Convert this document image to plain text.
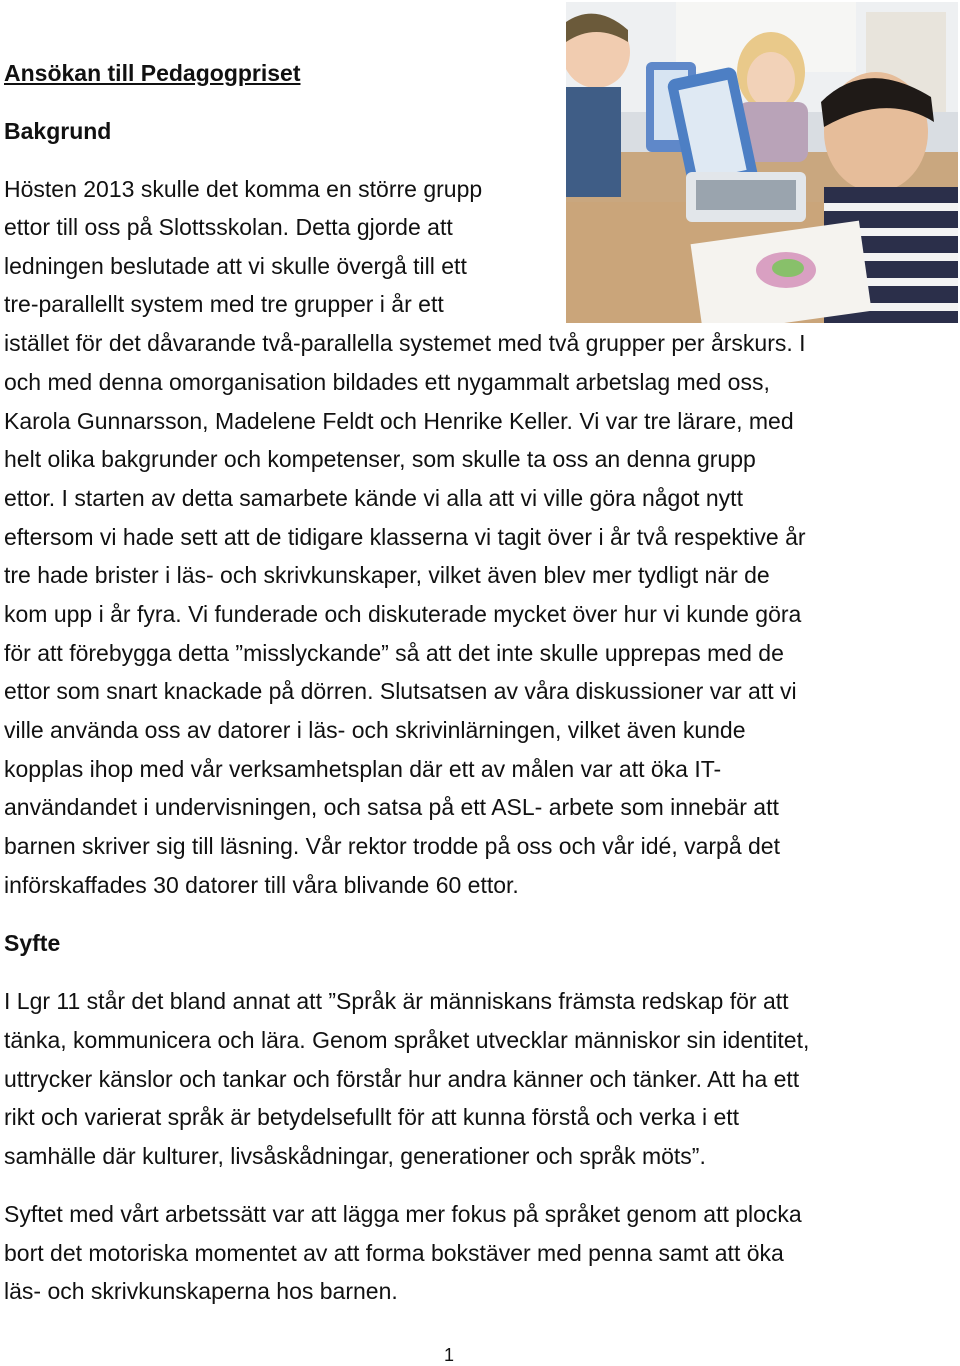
Ansökan till Pedagogpriset
Bakgrund
Hösten 2013 skulle det komma en större grupp
ettor till oss på Slottsskolan. Detta gjorde att
ledningen beslutade att vi skulle övergå till ett
tre-parallellt system med tre grupper i år ett
istället för det dåvarande två-parallella systemet med två grupper per årskurs. I
och med denna omorganisation bildades ett nygammalt arbetslag med oss,
Karola Gunnarsson, Madelene Feldt och Henrike Keller. Vi var tre lärare, med
helt olika bakgrunder och kompetenser, som skulle ta oss an denna grupp
ettor. I starten av detta samarbete kände vi alla att vi ville göra något nytt
eftersom vi hade sett att de tidigare klasserna vi tagit över i år två respektive år
tre hade brister i läs- och skrivkunskaper, vilket även blev mer tydligt när de
kom upp i år fyra. Vi funderade och diskuterade mycket över hur vi kunde göra
för att förebygga detta ”misslyckande” så att det inte skulle upprepas med de
ettor som snart knackade på dörren. Slutsatsen av våra diskussioner var att vi
ville använda oss av datorer i läs- och skrivinlärningen, vilket även kunde
kopplas ihop med vår verksamhetsplan där ett av målen var att öka IT-
användandet i undervisningen, och satsa på ett ASL- arbete som innebär att
barnen skriver sig till läsning. Vår rektor trodde på oss och vår idé, varpå det
införskaffades 30 datorer till våra blivande 60 ettor.
Syfte
I Lgr 11 står det bland annat att ”Språk är människans främsta redskap för att
tänka, kommunicera och lära. Genom språket utvecklar människor sin identitet,
uttrycker känslor och tankar och förstår hur andra känner och tänker. Att ha ett
rikt och varierat språk är betydelsefullt för att kunna förstå och verka i ett
samhälle där kulturer, livsåskådningar, generationer och språk möts”.
Syftet med vårt arbetssätt var att lägga mer fokus på språket genom att plocka
bort det motoriska momentet av att forma bokstäver med penna samt att öka
läs- och skrivkunskaperna hos barnen.
1
